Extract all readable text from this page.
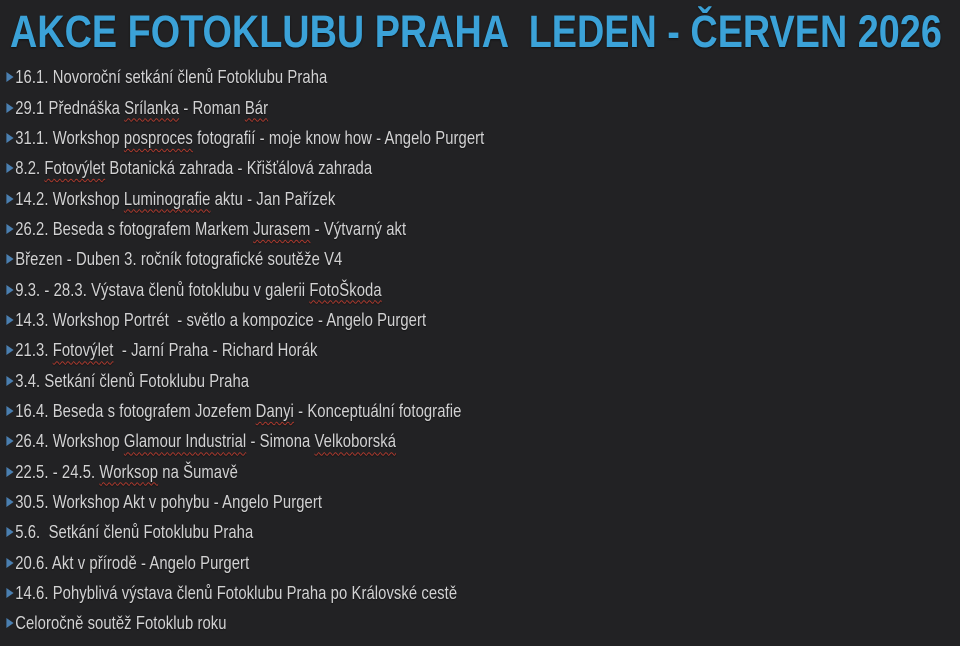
AKCE FOTOKLUBU PRAHA  LEDEN - ČERVEN 2026
16.1. Novoroční setkání členů Fotoklubu Praha
29.1 Přednáška Srílanka - Roman Bár
31.1. Workshop posproces fotografií - moje know how - Angelo Purgert
8.2. Fotovýlet Botanická zahrada - Křišťálová zahrada
14.2. Workshop Luminografie aktu - Jan Pařízek
26.2. Beseda s fotografem Markem Jurasem - Výtvarný akt
Březen - Duben 3. ročník fotografické soutěže V4
9.3. - 28.3. Výstava členů fotoklubu v galerii FotoŠkoda
14.3. Workshop Portrét  - světlo a kompozice - Angelo Purgert
21.3. Fotovýlet  - Jarní Praha - Richard Horák
3.4. Setkání členů Fotoklubu Praha
16.4. Beseda s fotografem Jozefem Danyi - Konceptuální fotografie
26.4. Workshop Glamour Industrial - Simona Velkoborská
22.5. - 24.5. Worksop na Šumavě
30.5. Workshop Akt v pohybu - Angelo Purgert
5.6.  Setkání členů Fotoklubu Praha
20.6. Akt v přírodě - Angelo Purgert
14.6. Pohyblivá výstava členů Fotoklubu Praha po Královské cestě
Celoročně soutěž Fotoklub roku
